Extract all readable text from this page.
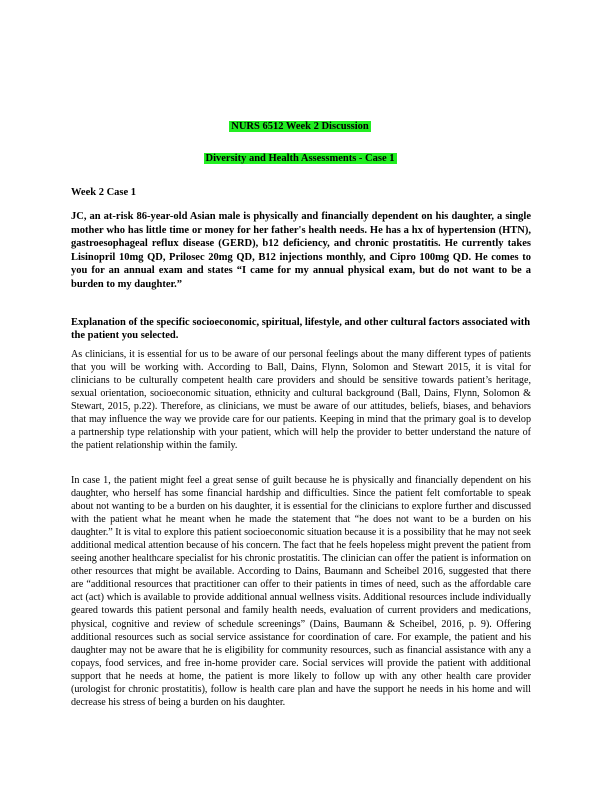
NURS 6512 Week 2 Discussion
Diversity and Health Assessments - Case 1
Week 2 Case 1
JC, an at-risk 86-year-old Asian male is physically and financially dependent on his daughter, a single mother who has little time or money for her father's health needs. He has a hx of hypertension (HTN), gastroesophageal reflux disease (GERD), b12 deficiency, and chronic prostatitis. He currently takes Lisinopril 10mg QD, Prilosec 20mg QD, B12 injections monthly, and Cipro 100mg QD. He comes to you for an annual exam and states “I came for my annual physical exam, but do not want to be a burden to my daughter.”
Explanation of the specific socioeconomic, spiritual, lifestyle, and other cultural factors associated with the patient you selected.

As clinicians, it is essential for us to be aware of our personal feelings about the many different types of patients that you will be working with. According to Ball, Dains, Flynn, Solomon and Stewart 2015, it is vital for clinicians to be culturally competent health care providers and should be sensitive towards patient’s heritage, sexual orientation, socioeconomic situation, ethnicity and cultural background (Ball, Dains, Flynn, Solomon & Stewart, 2015, p.22). Therefore, as clinicians, we must be aware of our attitudes, beliefs, biases, and behaviors that may influence the way we provide care for our patients. Keeping in mind that the primary goal is to develop a partnership type relationship with your patient, which will help the provider to better understand the nature of the patient relationship within the family.

In case 1, the patient might feel a great sense of guilt because he is physically and financially dependent on his daughter, who herself has some financial hardship and difficulties. Since the patient felt comfortable to speak about not wanting to be a burden on his daughter, it is essential for the clinicians to explore further and discussed with the patient what he meant when he made the statement that “he does not want to be a burden on his daughter.” It is vital to explore this patient socioeconomic situation because it is a possibility that he may not seek additional medical attention because of his concern. The fact that he feels hopeless might prevent the patient from seeing another healthcare specialist for his chronic prostatitis. The clinician can offer the patient is information on other resources that might be available. According to Dains, Baumann and Scheibel 2016, suggested that there are “additional resources that practitioner can offer to their patients in times of need, such as the affordable care act (act) which is available to provide additional annual wellness visits. Additional resources include individually geared towards this patient personal and family health needs, evaluation of current providers and medications, physical, cognitive and review of schedule screenings” (Dains, Baumann & Scheibel, 2016, p. 9). Offering additional resources such as social service assistance for coordination of care. For example, the patient and his daughter may not be aware that he is eligibility for community resources, such as financial assistance with any a copays, food services, and free in-home provider care. Social services will provide the patient with additional support that he needs at home, the patient is more likely to follow up with any other health care provider (urologist for chronic prostatitis), follow is health care plan and have the support he needs in his home and will decrease his stress of being a burden on his daughter.
